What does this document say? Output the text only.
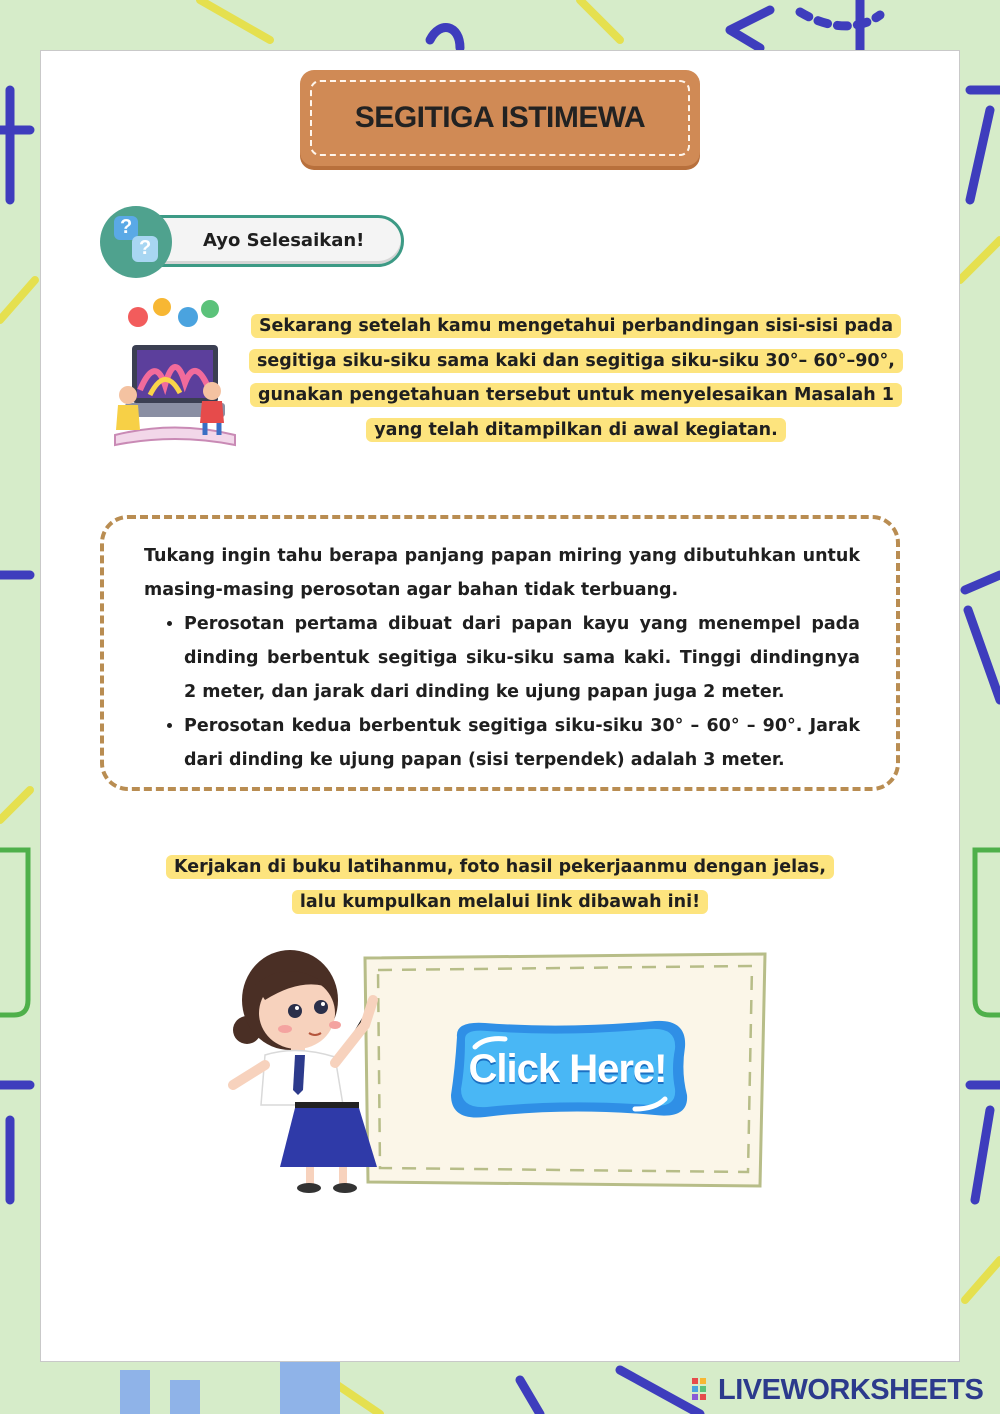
SEGITIGA ISTIMEWA
Ayo Selesaikan!
?
?
Sekarang setelah kamu mengetahui perbandingan sisi-sisi pada segitiga siku-siku sama kaki dan segitiga siku-siku 30°– 60°–90°, gunakan pengetahuan tersebut untuk menyelesaikan Masalah 1 yang telah ditampilkan di awal kegiatan.

Tukang ingin tahu berapa panjang papan miring yang dibutuhkan untuk masing-masing perosotan agar bahan tidak terbuang.

• Perosotan pertama dibuat dari papan kayu yang menempel pada dinding berbentuk segitiga siku-siku sama kaki. Tinggi dindingnya 2 meter, dan jarak dari dinding ke ujung papan juga 2 meter.
• Perosotan kedua berbentuk segitiga siku-siku 30° – 60° – 90°. Jarak dari dinding ke ujung papan (sisi terpendek) adalah 3 meter.
Kerjakan di buku latihanmu, foto hasil pekerjaanmu dengan jelas, lalu kumpulkan melalui link dibawah ini!
Click Here!
LIVEWORKSHEETS
